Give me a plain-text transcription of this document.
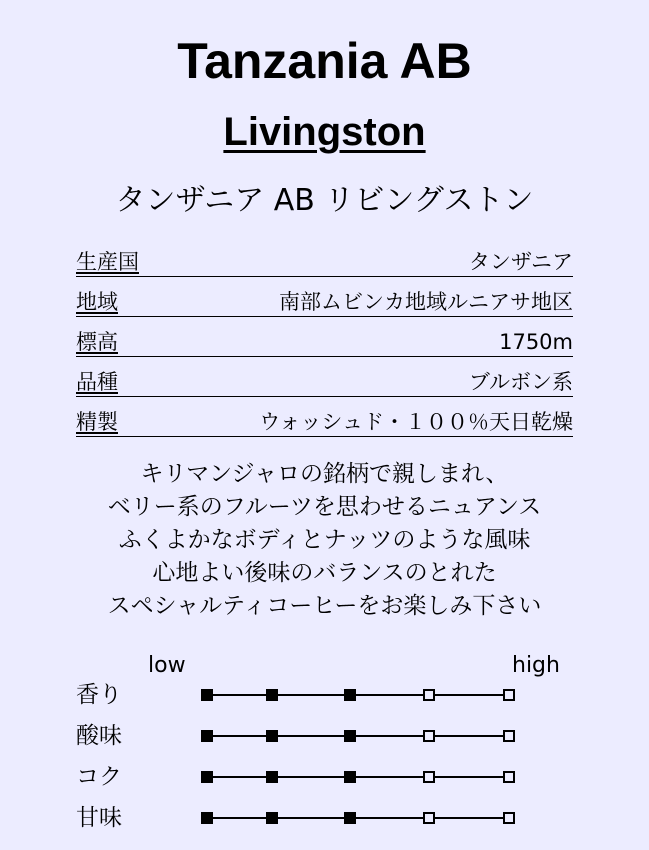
Tanzania AB
Livingston
タンザニア AB リビングストン
生産国	タンザニア
地域	南部ムビンカ地域ルニアサ地区
標高	1750m
品種	ブルボン系
精製	ウォッシュド・１００％天日乾燥
キリマンジャロの銘柄で親しまれ、
ベリー系のフルーツを思わせるニュアンス
ふくよかなボディとナッツのような風味
心地よい後味のバランスのとれた
スペシャルティコーヒーをお楽しみ下さい
low	high
香り
酸味
コク
甘味
